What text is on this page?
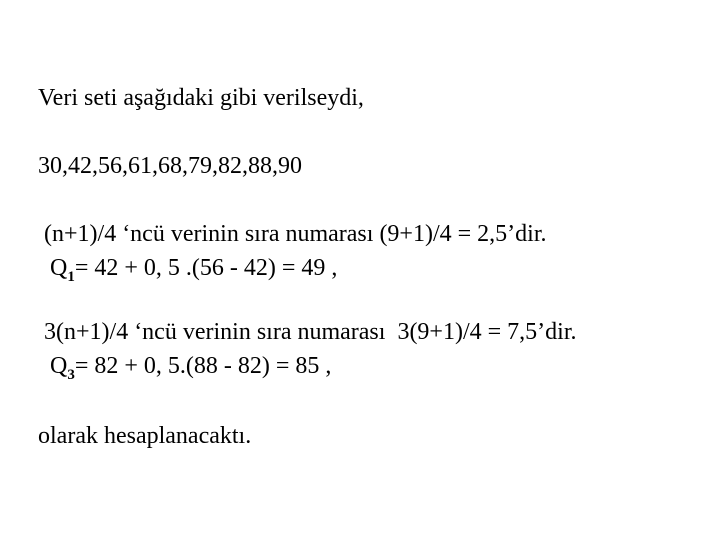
Veri seti aşağıdaki gibi verilseydi,
30,42,56,61,68,79,82,88,90
(n+1)/4 ‘ncü verinin sıra numarası (9+1)/4 = 2,5’dir.
$Q_1= 42 + 0$, 5 .(56 - 42) = 49 ,
3(n+1)/4 ‘ncü verinin sıra numarası  3(9+1)/4 = 7,5’dir.
$Q_3= 82 + 0$, 5.(88 - 82) = 85 ,
olarak hesaplanacaktı.
